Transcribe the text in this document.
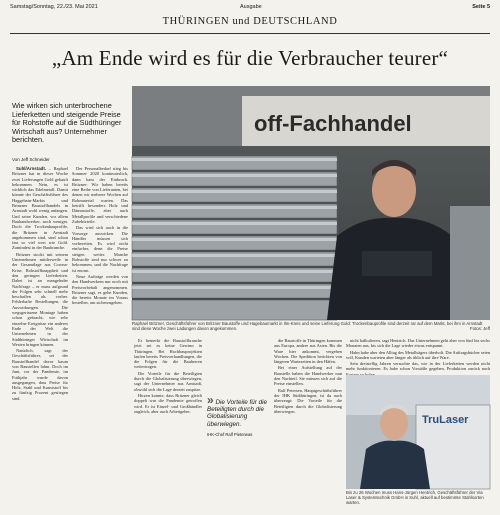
Samstag/Sonntag, 22./23. Mai 2021	Ausgabe	Seite 5
THÜRINGEN und DEUTSCHLAND
„Am Ende wird es für die Verbraucher teurer“
Wie wirken sich unterbrochene Lieferketten und steigende Preise für Rohstoffe auf die Südthüringer Wirtschaft aus? Unternehmer berichten.
Von Jeff Schneider

Suhl/Arnstadt. – Raphael Britzner hat in dieser Woche zwei Lieferungen Gold gekauft bekommen. Nein, es ist wirklich das Edelmetall. Damit könnte der Geschäftsführer des Haggehain-Markts und Brinzner Baustoffhandels in Arnstadt wohl wenig anfangen. Und seine Kunden, vor allem Bauhandwerker, noch weniger. Doch die Trockenbauprofile, die Britzner in Arnstadt angekommen sind, sind schon fast so viel wert wie Gold. Zumindest in der Baubranche.

Britzner stockt mit seinem Unternehmen mittlerweile in der Gesamtlage aus Corona-Krise, Rohstoffknappheit und den geringen Lieferketten. Dabei ist an mangelnder Nachfrage – er muss aufgrund der Folgen sehr schnell mehr beschaffen als vorher. Fehlerhafte Bestellungen, die Auswirkungen. Die wegsgerissene Montage haben schon gebracht, wie sehr einzelne Ereignisse ein anderes Ende der Welt die Unternehmen in der Südthüringer Wirtschaft im Westen bringen können.

Natürlich, sagt der Geschäftsführer, sei der Baustoffhandel davor kaum von Baustellen lahm. Doch im Juni, vor der Pandemie, im Frühjahr wurde davon ausgegangen, dass Preise für Holz, Stahl und Kunststoff bis zu fünfzig Prozent gestiegen sind.

Der Personalbedarf stieg bis Sommer 2020 kontinuierlich, dann kam der Einbruch. Britzner: Wir haben bereits eine Reihe von Lieferanten, bei denen wir mehrere Wochen auf Rohmaterial warten. Das betrifft besonders Holz und Dämmstoffe, aber auch Metallprofile und verschiedene Zubehörteile.

Das wird sich auch in die Vorsorge auswirken. Die Händler müssen sich vorbereiten. Es wird nicht einfacher, denn die Preise steigen weiter. Manche Rohstoffe sind nur schwer zu bekommen, und die Nachfrage ist enorm.

Neue Aufträge werden von den Handwerkern nur noch mit Preisvorbehalt angenommen. Britzner sagt, es gebe Kunden, die bereits Monate im Voraus bestellen, um sicherzugehen.

off-Fachhandel
Raphael Britzner, Geschäftsführer von Britzner Baustoffe und Hagebaumarkt in Ilm-Kreis und seine Lieferung Gold: Trockenbauprofile sind derzeit rar auf dem Markt, bei ihm in Arnstadt sind diese Woche zwei Ladungen davon angekommen.	Fotos: Jeff

Er bemerkt die Baustoffbranche jetzt sei es keine Gewinn in Thüringen. Bei Hochbauprojekten laufen bereits Preisverhandlungen, die die Folgen für die Bauherren weitertragen.

Die Vorteile für die Beteiligten durch die Globalisierung überwiegen, sagt der Unternehmer aus Arnstadt, obwohl sich die Lage derzeit zuspitze.

Hirzen konnte, dass Britzner gleich doppelt war die Pandemie getroffen wird. Er ist Einzel- und Großhändler zugleich, aber auch Arbeitgeber.

» Die Vorteile für die Beteiligten durch die Globalisierung überwiegen.
IHK-Chef Ralf Pieterwas

die Baustoffe in Thüringen kommen aus Europa, andere aus Asien. Bis die Ware hier ankommt, vergehen Wochen. Die Spedition berichten von längeren Wartezeiten in den Häfen.

Bei einer Aufstellung auf der Baustelle haben die Handwerker nun den Nachteil. Sie müssen sich auf die Preise einstellen.

Ralf Petersen, Hauptgeschäftsführer der IHK Südthüringen, ist da auch überzeugt: Die Vorteile für die Beteiligten durch die Globalisierung überwiegen.

nicht kalkulieren, sagt Hentrich. Das Unternehmen geht aber von fünf bis sechs Monaten aus, bis sich die Lage wieder etwas entspannt.

Hahn habe aber den Alltag des Metallsägers überholt. Die Auftragsbücher seien voll, Kunden warteten aber länger als üblich auf ihre Ware.

Sein dreistellig Jahren versuchte das, wie in der Lieferketten werden nicht mehr funktionieren. Es habe schon Vorstöße gegeben, Produktion zurück nach

TruLaser
Bis zu 26 Wochen muss Hans-Jürgen Hentrich, Geschäftsführer der Via Laser & Systemtechnik GmbH in Suhl, aktuell auf bestimmte Stahlsorten warten.
